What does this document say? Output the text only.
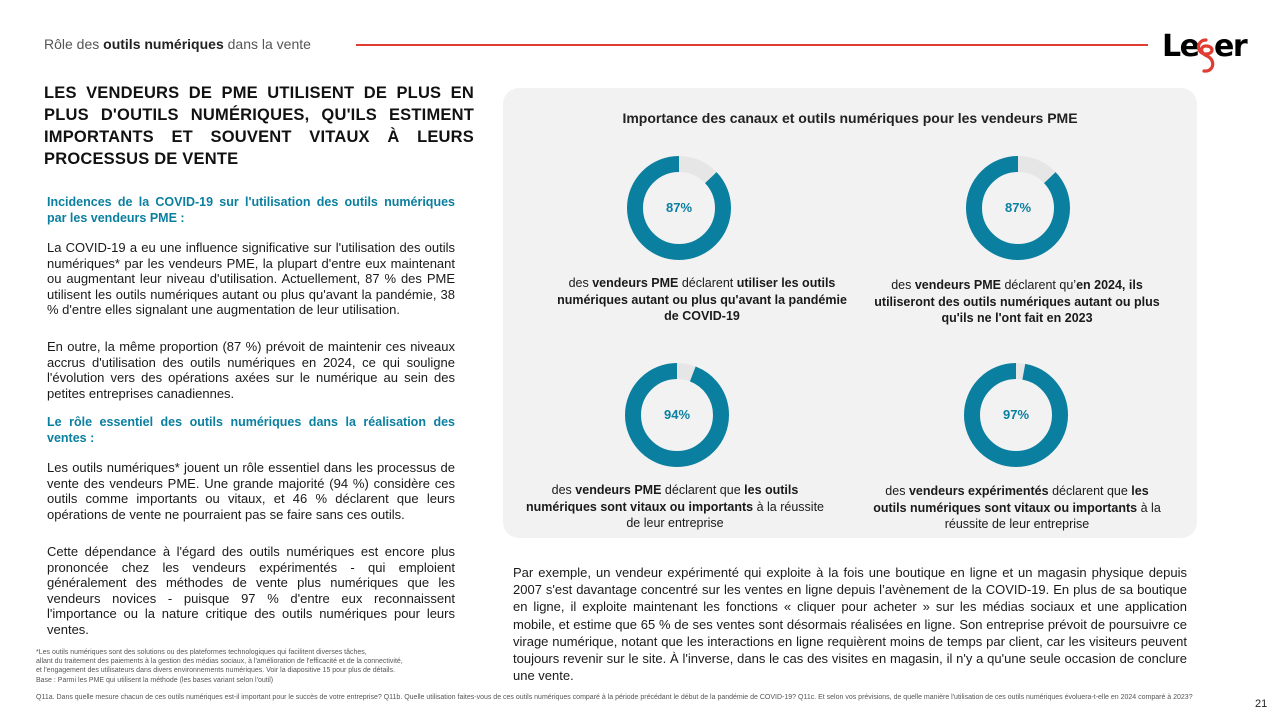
Rôle des outils numériques dans la vente	Le er
LES VENDEURS DE PME UTILISENT DE PLUS EN PLUS D'OUTILS NUMÉRIQUES, QU'ILS ESTIMENT IMPORTANTS ET SOUVENT VITAUX À LEURS PROCESSUS DE VENTE
Incidences de la COVID-19 sur l'utilisation des outils numériques par les vendeurs PME :
La COVID-19 a eu une influence significative sur l'utilisation des outils numériques* par les vendeurs PME, la plupart d'entre eux maintenant ou augmentant leur niveau d'utilisation. Actuellement, 87 % des PME utilisent les outils numériques autant ou plus qu'avant la pandémie, 38 % d'entre elles signalant une augmentation de leur utilisation.
En outre, la même proportion (87 %) prévoit de maintenir ces niveaux accrus d'utilisation des outils numériques en 2024, ce qui souligne l'évolution vers des opérations axées sur le numérique au sein des petites entreprises canadiennes.
Le rôle essentiel des outils numériques dans la réalisation des ventes :
Les outils numériques* jouent un rôle essentiel dans les processus de vente des vendeurs PME. Une grande majorité (94 %) considère ces outils comme importants ou vitaux, et 46 % déclarent que leurs opérations de vente ne pourraient pas se faire sans ces outils.
Cette dépendance à l'égard des outils numériques est encore plus prononcée chez les vendeurs expérimentés - qui emploient généralement des méthodes de vente plus numériques que les vendeurs novices - puisque 97 % d'entre eux reconnaissent l'importance ou la nature critique des outils numériques pour leurs ventes.
*Les outils numériques sont des solutions ou des plateformes technologiques qui facilitent diverses tâches,
allant du traitement des paiements à la gestion des médias sociaux, à l'amélioration de l'efficacité et de la connectivité,
et l'engagement des utilisateurs dans divers environnements numériques. Voir la diapositive 15 pour plus de détails.
Base : Parmi les PME qui utilisent la méthode (les bases variant selon l'outil)
Q11a. Dans quelle mesure chacun de ces outils numériques est-il important pour le succès de votre entreprise? Q11b. Quelle utilisation faites-vous de ces outils numériques comparé à la période précédant le début de la pandémie de COVID-19? Q11c. Et selon vos prévisions, de quelle manière l'utilisation de ces outils numériques évoluera-t-elle en 2024 comparé à 2023?
21
Importance des canaux et outils numériques pour les vendeurs PME
87%
des vendeurs PME déclarent utiliser les outils numériques autant ou plus qu'avant la pandémie de COVID-19
87%
des vendeurs PME déclarent qu’en 2024, ils utiliseront des outils numériques autant ou plus qu'ils ne l'ont fait en 2023
94%
des vendeurs PME déclarent que les outils numériques sont vitaux ou importants à la réussite de leur entreprise
97%
des vendeurs expérimentés déclarent que les outils numériques sont vitaux ou importants à la réussite de leur entreprise
Par exemple, un vendeur expérimenté qui exploite à la fois une boutique en ligne et un magasin physique depuis 2007 s'est davantage concentré sur les ventes en ligne depuis l’avènement de la COVID-19. En plus de sa boutique en ligne, il exploite maintenant les fonctions « cliquer pour acheter » sur les médias sociaux et une application mobile, et estime que 65 % de ses ventes sont désormais réalisées en ligne. Son entreprise prévoit de poursuivre ce virage numérique, notant que les interactions en ligne requièrent moins de temps par client, car les visiteurs peuvent toujours revenir sur le site. À l'inverse, dans le cas des visites en magasin, il n'y a qu'une seule occasion de conclure une vente.
